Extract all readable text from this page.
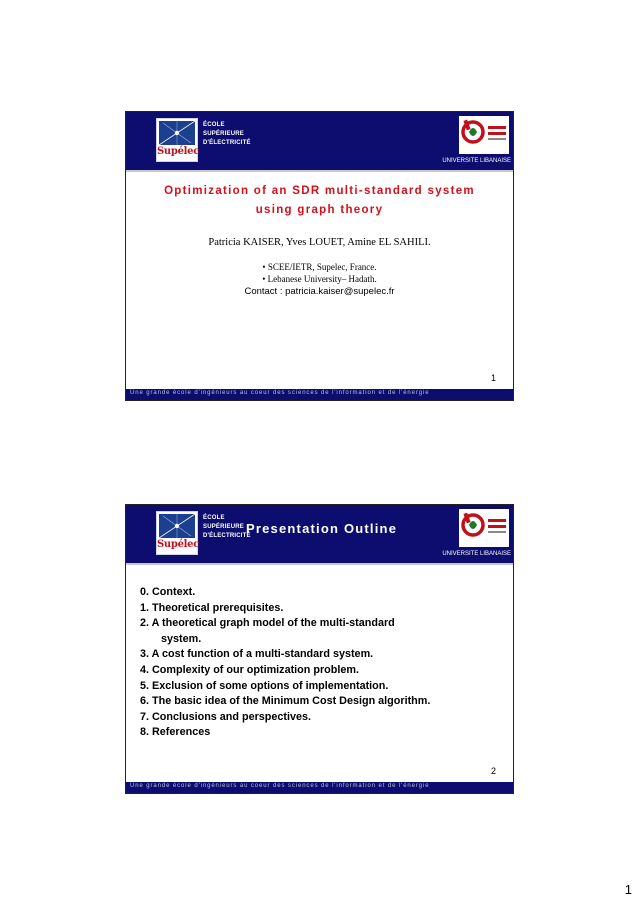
Supélec
ÉCOLE
SUPÉRIEURE
D'ÉLECTRICITÉ
UNIVERSITE LIBANAISE
Optimization of an SDR multi-standard system
using graph theory
Patricia KAISER, Yves LOUET, Amine EL SAHILI.
• SCEE/IETR, Supelec, France.
• Lebanese University– Hadath.
Contact : patricia.kaiser@supelec.fr
1
Une grande école d'ingénieurs au coeur des sciences de l'information et de l'énergie
Supélec
ÉCOLE
SUPÉRIEURE
D'ÉLECTRICITÉ
Presentation Outline
UNIVERSITE LIBANAISE
0. Context.
1. Theoretical prerequisites.
2. A theoretical graph model of the multi-standard
system.
3. A cost function of a multi-standard system.
4. Complexity of our optimization problem.
5. Exclusion of some options of implementation.
6. The basic idea of the Minimum Cost Design algorithm.
7. Conclusions and perspectives.
8. References
2
Une grande école d'ingénieurs au coeur des sciences de l'information et de l'énergie
1
